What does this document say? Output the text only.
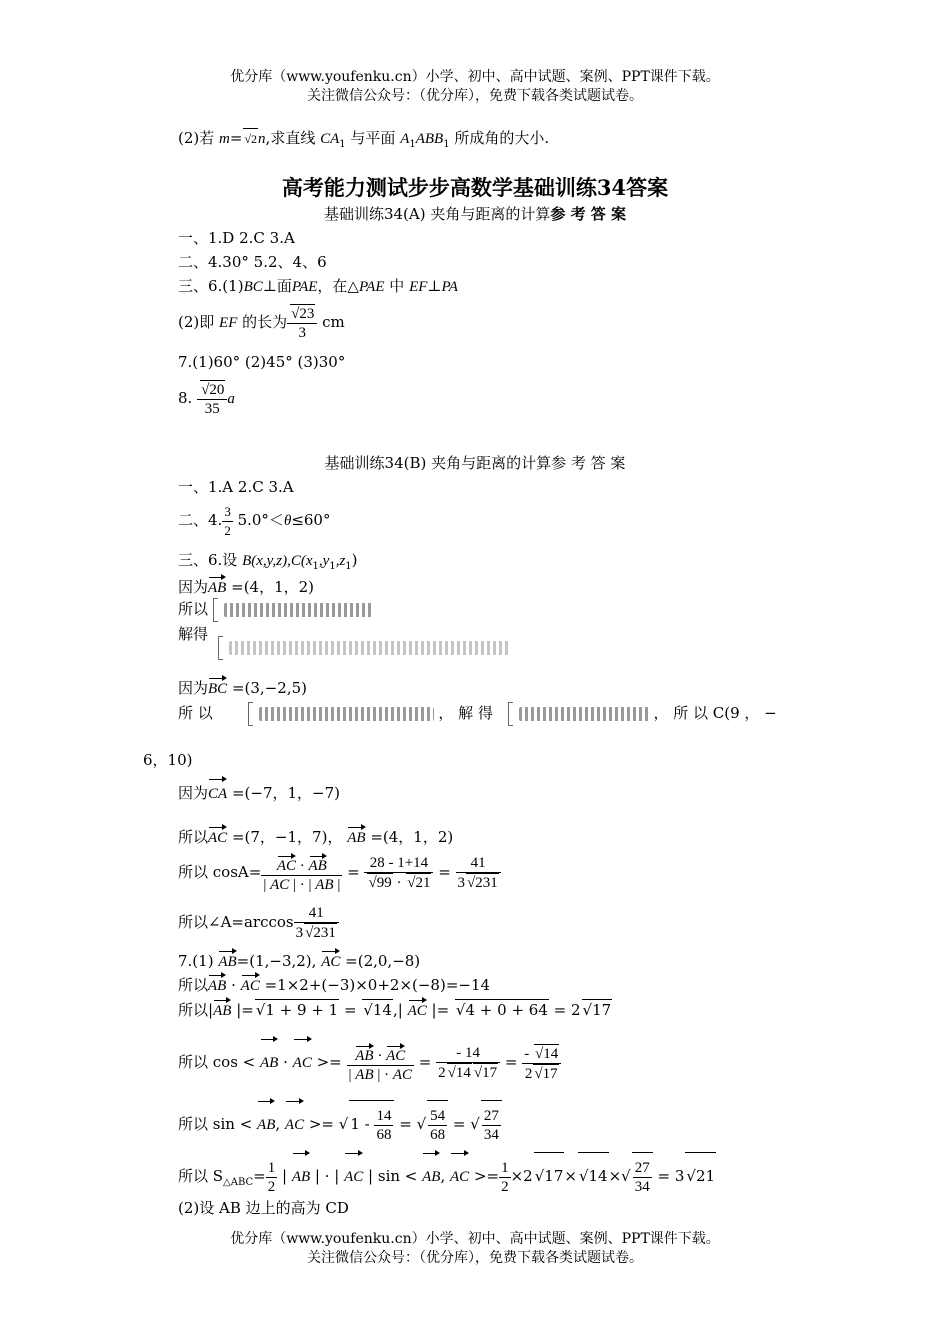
优分库（www.youfenku.cn）小学、初中、高中试题、案例、PPT课件下载。
关注微信公众号：（优分库），免费下载各类试题试卷。
(2)若 m=√ 2n,求直线 $CA_1$ 与平面 $A_1ABB_1$ 所成角的大小.
高考能力测试步步高数学基础训练34答案
基础训练34(A) 夹角与距离的计算参 考 答 案
一、1.D 2.C 3.A
二、4.30° 5.2、4、6
三、6.(1)BC⊥面PAE，在△PAE 中 EF⊥PA
(2)即 EF 的长为
√ $\frac{23}{3}$ cm
7.(1)60° (2)45° (3)30°
8.
√ $\frac{20}{35}$ a
基础训练34(B) 夹角与距离的计算参 考 答 案
一、1.A 2.C 3.A
二、4. $\frac{3}{2} 5.0^\circ<\theta\le 60^\circ$
三、6.设 $B(x,y,z),C(x_1,y_1,z_1)$
因为AB =(4，1，2)
所以
解得
因为BC =(3,−2,5)
所 以	， 解 得	， 所 以 C(9 ， −
6，10)
因为CA =(−7，1，−7)
所以AC =(7，−1，7)， AB =(4，1，2)
所以 $\cos A= \frac{AC \cdot AB}{| AC | \cdot | AB |} = 28 - 1+14$
√ 99 · √ $21 = \frac{41}{3√ 231}$
所以∠A=arccos $\frac{41}{3√ 231}$
7.(1) AB=(1,−3,2), AC =(2,0,−8)
所以AB · AC =1×2+(−3)×0+2×(−8)=−14
所以|AB |=√ 1 + 9 + 1 = √ 14,| AC |= √ 4 + 0 + 64 = 2√ 17
所以 cos < AB · AC >= $\frac{AB \cdot AC}{| AB | \cdot AC} = \frac{- 14}{2√ 14√ 17} = \frac{- √ 14}{2√ 17}$
所以 sin < AB, AC >= √ $1 - \frac{14}{68}$ = √ $\frac{54}{68}$ = √ $\frac{27}{34}$
所以 $S_{\triangle ABC}= \frac{1}{2}$ | AB | · | AC | sin < AB, AC >= $\frac{1}{2} \times 2√$ 17×√ $14\times√ \frac{27}{34} = 3√$ 21
(2)设 AB 边上的高为 CD
优分库（www.youfenku.cn）小学、初中、高中试题、案例、PPT课件下载。
关注微信公众号：（优分库），免费下载各类试题试卷。
